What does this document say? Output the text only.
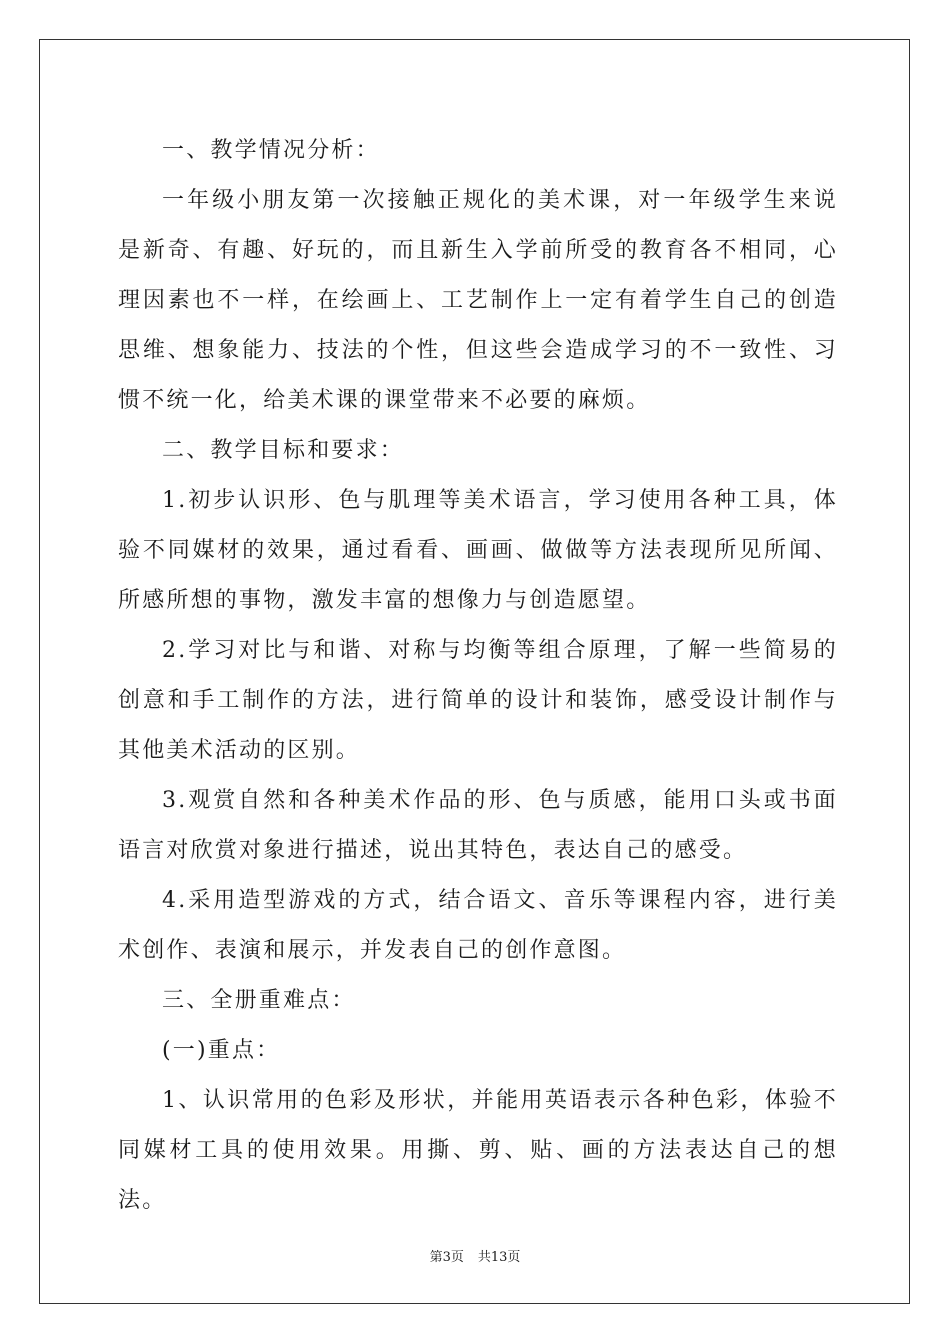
一、教学情况分析：

一年级小朋友第一次接触正规化的美术课，对一年级学生来说是新奇、有趣、好玩的，而且新生入学前所受的教育各不相同，心理因素也不一样，在绘画上、工艺制作上一定有着学生自己的创造思维、想象能力、技法的个性，但这些会造成学习的不一致性、习惯不统一化，给美术课的课堂带来不必要的麻烦。

二、教学目标和要求：

1.初步认识形、色与肌理等美术语言，学习使用各种工具，体验不同媒材的效果，通过看看、画画、做做等方法表现所见所闻、所感所想的事物，激发丰富的想像力与创造愿望。

2.学习对比与和谐、对称与均衡等组合原理，了解一些简易的创意和手工制作的方法，进行简单的设计和装饰，感受设计制作与其他美术活动的区别。

3.观赏自然和各种美术作品的形、色与质感，能用口头或书面语言对欣赏对象进行描述，说出其特色，表达自己的感受。

4.采用造型游戏的方式，结合语文、音乐等课程内容，进行美术创作、表演和展示，并发表自己的创作意图。

三、全册重难点：

(一)重点：

1、认识常用的色彩及形状，并能用英语表示各种色彩，体验不同媒材工具的使用效果。用撕、剪、贴、画的方法表达自己的想法。

第3页 共13页
